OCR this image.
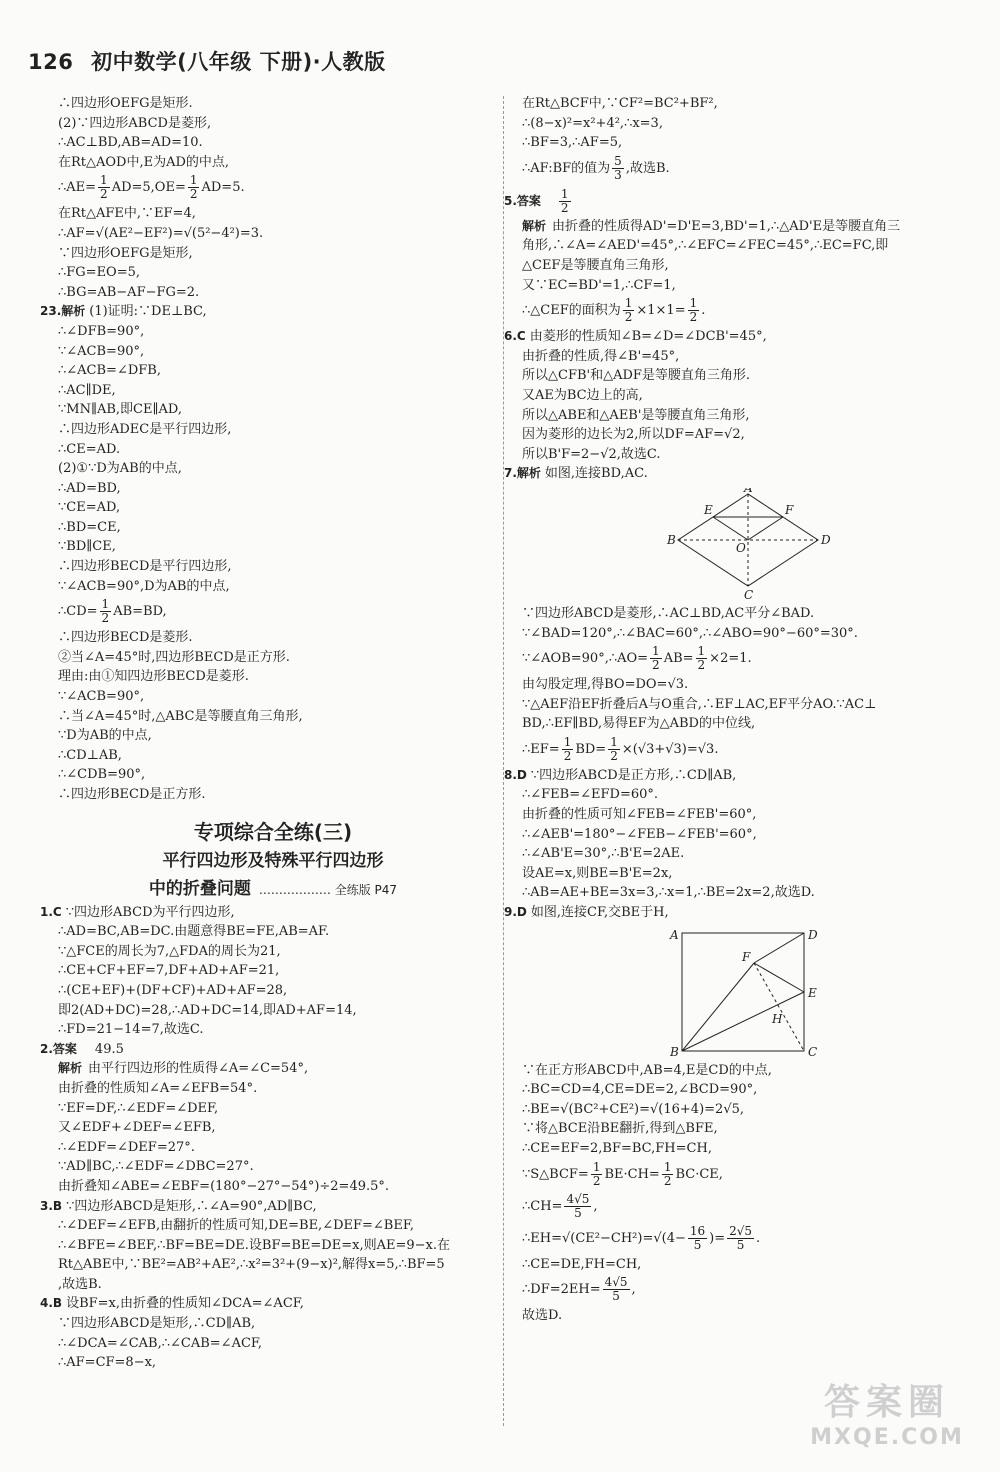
126 初中数学(八年级 下册)·人教版
∴四边形OEFG是矩形.
(2)∵四边形ABCD是菱形,
∴AC⊥BD,AB=AD=10.
在Rt△AOD中,E为AD的中点,
∴AE= $\frac{1}{2} AD=5,OE= \frac{1}{2} AD=5$.
在Rt△AFE中,∵EF=4,
∴AF=√(AE²−EF²)=√(5²−4²)=3.
∵四边形OEFG是矩形,
∴FG=EO=5,
∴BG=AB−AF−FG=2.
23.解析 (1)证明:∵DE⊥BC,
∴∠DFB=90°,
∵∠ACB=90°,
∴∠ACB=∠DFB,
∴AC∥DE,
∵MN∥AB,即CE∥AD,
∴四边形ADEC是平行四边形,
∴CE=AD.
(2)①∵D为AB的中点,
∴AD=BD,
∵CE=AD,
∴BD=CE,
∵BD∥CE,
∴四边形BECD是平行四边形,
∵∠ACB=90°,D为AB的中点,
∴CD= $\frac{1}{2} AB=BD$,
∴四边形BECD是菱形.
②当∠A=45°时,四边形BECD是正方形.
理由:由①知四边形BECD是菱形.
∵∠ACB=90°,
∴当∠A=45°时,△ABC是等腰直角三角形,
∵D为AB的中点,
∴CD⊥AB,
∴∠CDB=90°,
∴四边形BECD是正方形.
专项综合全练(三)
平行四边形及特殊平行四边形
中的折叠问题 ……………… 全练版 P47
1.C ∵四边形ABCD为平行四边形,
∴AD=BC,AB=DC.由题意得BE=FE,AB=AF.
∵△FCE的周长为7,△FDA的周长为21,
∴CE+CF+EF=7,DF+AD+AF=21,
∴(CE+EF)+(DF+CF)+AD+AF=28,
即2(AD+DC)=28,∴AD+DC=14,即AD+AF=14,
∴FD=21−14=7,故选C.
2.答案 49.5
解析 由平行四边形的性质得∠A=∠C=54°,
由折叠的性质知∠A=∠EFB=54°.
∵EF=DF,∴∠EDF=∠DEF,
又∠EDF+∠DEF=∠EFB,
∴∠EDF=∠DEF=27°.
∵AD∥BC,∴∠EDF=∠DBC=27°.
由折叠知∠ABE=∠EBF=(180°−27°−54°)÷2=49.5°.
3.B ∵四边形ABCD是矩形,∴∠A=90°,AD∥BC,
∴∠DEF=∠EFB,由翻折的性质可知,DE=BE,∠DEF=∠BEF,
∴∠BFE=∠BEF,∴BF=BE=DE.设BF=BE=DE=x,则AE=9−x.在
Rt△ABE中,∵BE²=AB²+AE²,∴x²=3²+(9−x)²,解得x=5,∴BF=5
,故选B.
4.B 设BF=x,由折叠的性质知∠DCA=∠ACF,
∵四边形ABCD是矩形,∴CD∥AB,
∴∠DCA=∠CAB,∴∠CAB=∠ACF,
∴AF=CF=8−x,
在Rt△BCF中,∵CF²=BC²+BF²,
∴(8−x)²=x²+4²,∴x=3,
∴BF=3,∴AF=5,
∴AF:BF的值为 $\frac{5}{3}$ ,故选B.
5.答案 $\frac{1}{2}$
解析 由折叠的性质得AD'=D'E=3,BD'=1,∴△AD'E是等腰直角三
角形,∴∠A=∠AED'=45°,∴∠EFC=∠FEC=45°,∴EC=FC,即
△CEF是等腰直角三角形,
又∵EC=BD'=1,∴CF=1,
∴△CEF的面积为 $\frac{1}{2} \times 1\times 1= \frac{1}{2}$ .
6.C 由菱形的性质知∠B=∠D=∠DCB'=45°,
由折叠的性质,得∠B'=45°,
所以△CFB'和△ADF是等腰直角三角形.
又AE为BC边上的高,
所以△ABE和△AEB'是等腰直角三角形,
因为菱形的边长为2,所以DF=AF=√2,
所以B'F=2−√2,故选C.
7.解析 如图,连接BD,AC.
A
B
C
D
E	F
O
∵四边形ABCD是菱形,∴AC⊥BD,AC平分∠BAD.
∵∠BAD=120°,∴∠BAC=60°,∴∠ABO=90°−60°=30°.
∵∠AOB=90°,∴AO= $\frac{1}{2} AB= \frac{1}{2} \times 2=1$.
由勾股定理,得BO=DO=√3.
∵△AEF沿EF折叠后A与O重合,∴EF⊥AC,EF平分AO.∵AC⊥
BD,∴EF∥BD,易得EF为△ABD的中位线,
∴EF= $\frac{1}{2} BD= \frac{1}{2} \times(√3+√3)=√3$.
8.D ∵四边形ABCD是正方形,∴CD∥AB,
∴∠FEB=∠EFD=60°.
由折叠的性质可知∠FEB=∠FEB'=60°,
∴∠AEB'=180°−∠FEB−∠FEB'=60°,
∴∠AB'E=30°,∴B'E=2AE.
设AE=x,则BE=B'E=2x,
∴AB=AE+BE=3x=3,∴x=1,∴BE=2x=2,故选D.
9.D 如图,连接CF,交BE于H,
A
B	C
D
E
F
H
∵在正方形ABCD中,AB=4,E是CD的中点,
∴BC=CD=4,CE=DE=2,∠BCD=90°,
∴BE=√(BC²+CE²)=√(16+4)=2√5,
∵将△BCE沿BE翻折,得到△BFE,
∴CE=EF=2,BF=BC,FH=CH,
∵S△BCF= $\frac{1}{2} BE\cdot CH= \frac{1}{2} BC\cdot CE$,
∴CH= $\frac{4√5}{5}$ ,
∴EH=√(CE²−CH²)=√(4− $\frac{16}{5}$ )= $\frac{2√5}{5}$ .
∴CE=DE,FH=CH,
∴DF=2EH= $\frac{4√5}{5}$ ,
故选D.
答案圈
MXQE.COM
